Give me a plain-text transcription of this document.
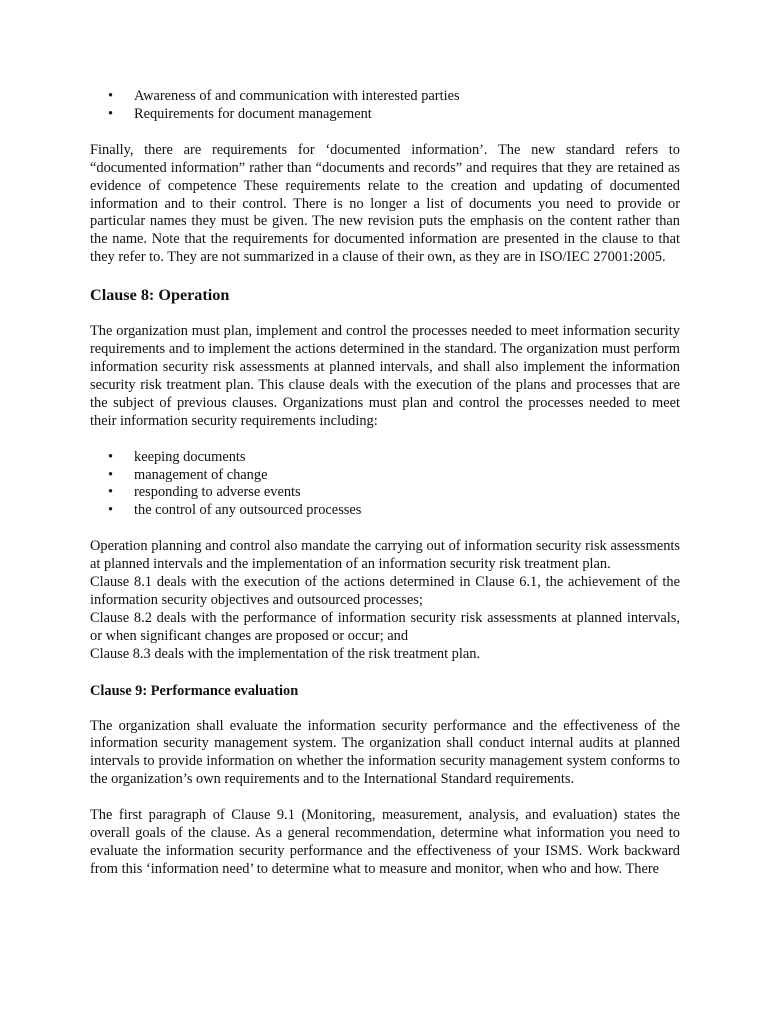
• Awareness of and communication with interested parties
• Requirements for document management

Finally, there are requirements for ‘documented information’. The new standard refers to “documented information” rather than “documents and records” and requires that they are retained as evidence of competence These requirements relate to the creation and updating of documented information and to their control. There is no longer a list of documents you need to provide or particular names they must be given. The new revision puts the emphasis on the content rather than the name. Note that the requirements for documented information are presented in the clause to that they refer to. They are not summarized in a clause of their own, as they are in ISO/IEC 27001:2005.

Clause 8: Operation

The organization must plan, implement and control the processes needed to meet information security requirements and to implement the actions determined in the standard. The organization must perform information security risk assessments at planned intervals, and shall also implement the information security risk treatment plan. This clause deals with the execution of the plans and processes that are the subject of previous clauses. Organizations must plan and control the processes needed to meet their information security requirements including:

• keeping documents
• management of change
• responding to adverse events
• the control of any outsourced processes

Operation planning and control also mandate the carrying out of information security risk assessments at planned intervals and the implementation of an information security risk treatment plan.

Clause 8.1 deals with the execution of the actions determined in Clause 6.1, the achievement of the information security objectives and outsourced processes;

Clause 8.2 deals with the performance of information security risk assessments at planned intervals, or when significant changes are proposed or occur; and

Clause 8.3 deals with the implementation of the risk treatment plan.

Clause 9: Performance evaluation

The organization shall evaluate the information security performance and the effectiveness of the information security management system. The organization shall conduct internal audits at planned intervals to provide information on whether the information security management system conforms to the organization’s own requirements and to the International Standard requirements.

The first paragraph of Clause 9.1 (Monitoring, measurement, analysis, and evaluation) states the overall goals of the clause. As a general recommendation, determine what information you need to evaluate the information security performance and the effectiveness of your ISMS. Work backward from this ‘information need’ to determine what to measure and monitor, when who and how. There
